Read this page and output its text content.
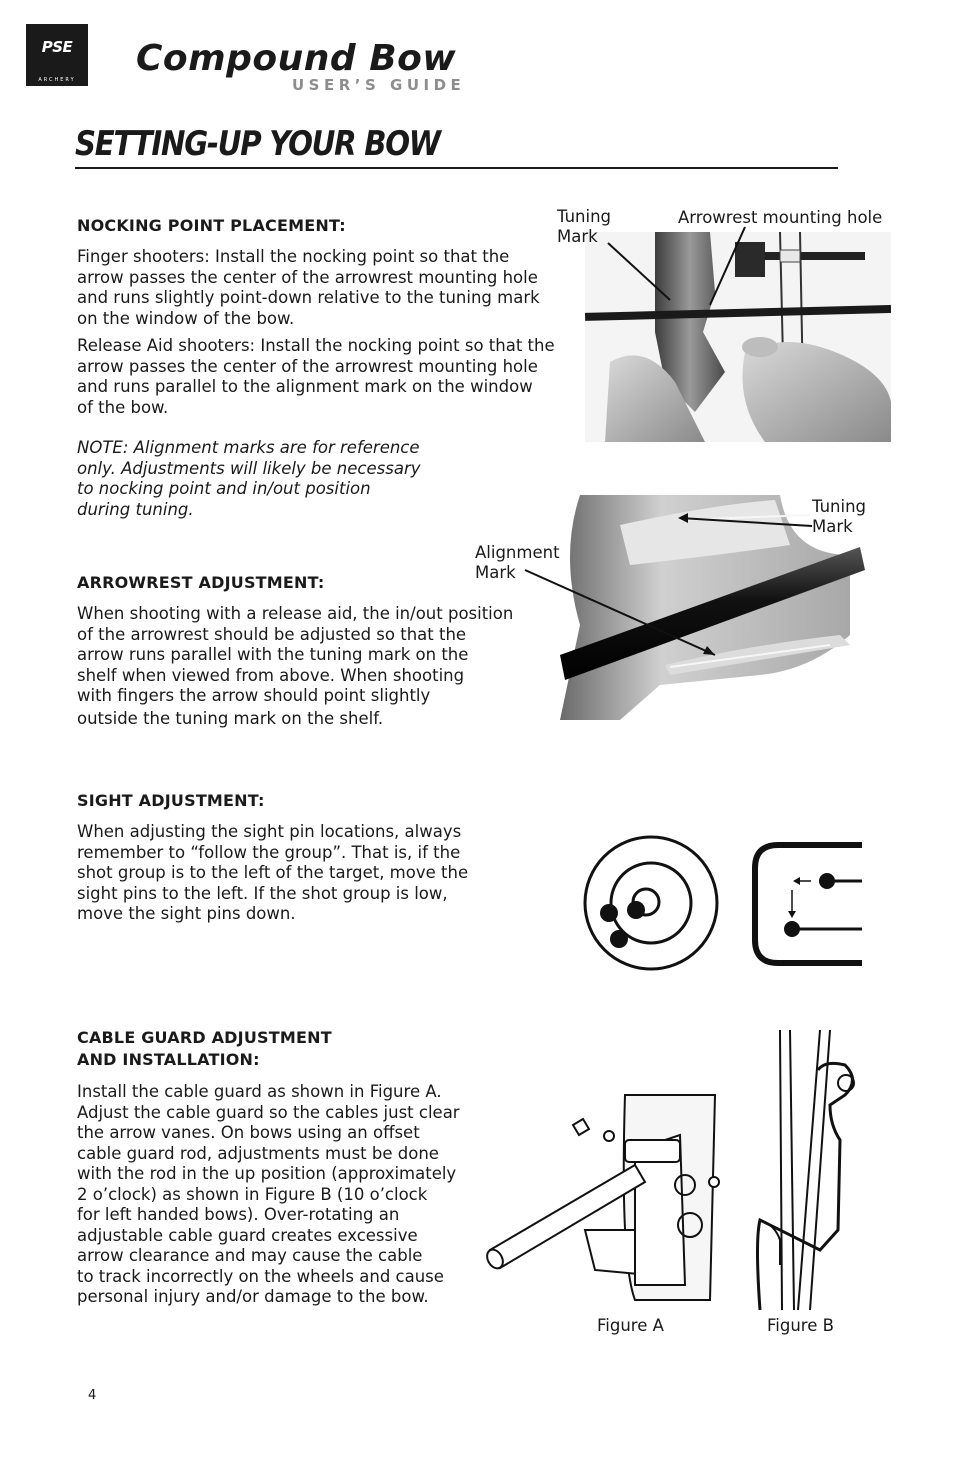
PSE
ARCHERY
Compound Bow
USER’S GUIDE
SETTING-UP YOUR BOW
NOCKING POINT PLACEMENT:
Finger shooters: Install the nocking point so that the
arrow passes the center of the arrowrest mounting hole
and runs slightly point-down relative to the tuning mark
on the window of the bow.
Release Aid shooters: Install the nocking point so that the
arrow passes the center of the arrowrest mounting hole
and runs parallel to the alignment mark on the window
of the bow.
NOTE: Alignment marks are for reference
only. Adjustments will likely be necessary
to nocking point and in/out position
during tuning.
ARROWREST ADJUSTMENT:
When shooting with a release aid, the in/out position
of the arrowrest should be adjusted so that the
arrow runs parallel with the tuning mark on the
shelf when viewed from above. When shooting
with fingers the arrow should point slightly
outside the tuning mark on the shelf.
SIGHT ADJUSTMENT:
When adjusting the sight pin locations, always
remember to “follow the group”. That is, if the
shot group is to the left of the target, move the
sight pins to the left. If the shot group is low,
move the sight pins down.
CABLE GUARD ADJUSTMENT
AND INSTALLATION:
Install the cable guard as shown in Figure A.
Adjust the cable guard so the cables just clear
the arrow vanes. On bows using an offset
cable guard rod, adjustments must be done
with the rod in the up position (approximately
2 o’clock) as shown in Figure B (10 o’clock
for left handed bows). Over-rotating an
adjustable cable guard creates excessive
arrow clearance and may cause the cable
to track incorrectly on the wheels and cause
personal injury and/or damage to the bow.
Tuning
Mark
Arrowrest mounting hole
Tuning
Mark
Alignment
Mark
Figure A	Figure B
4
